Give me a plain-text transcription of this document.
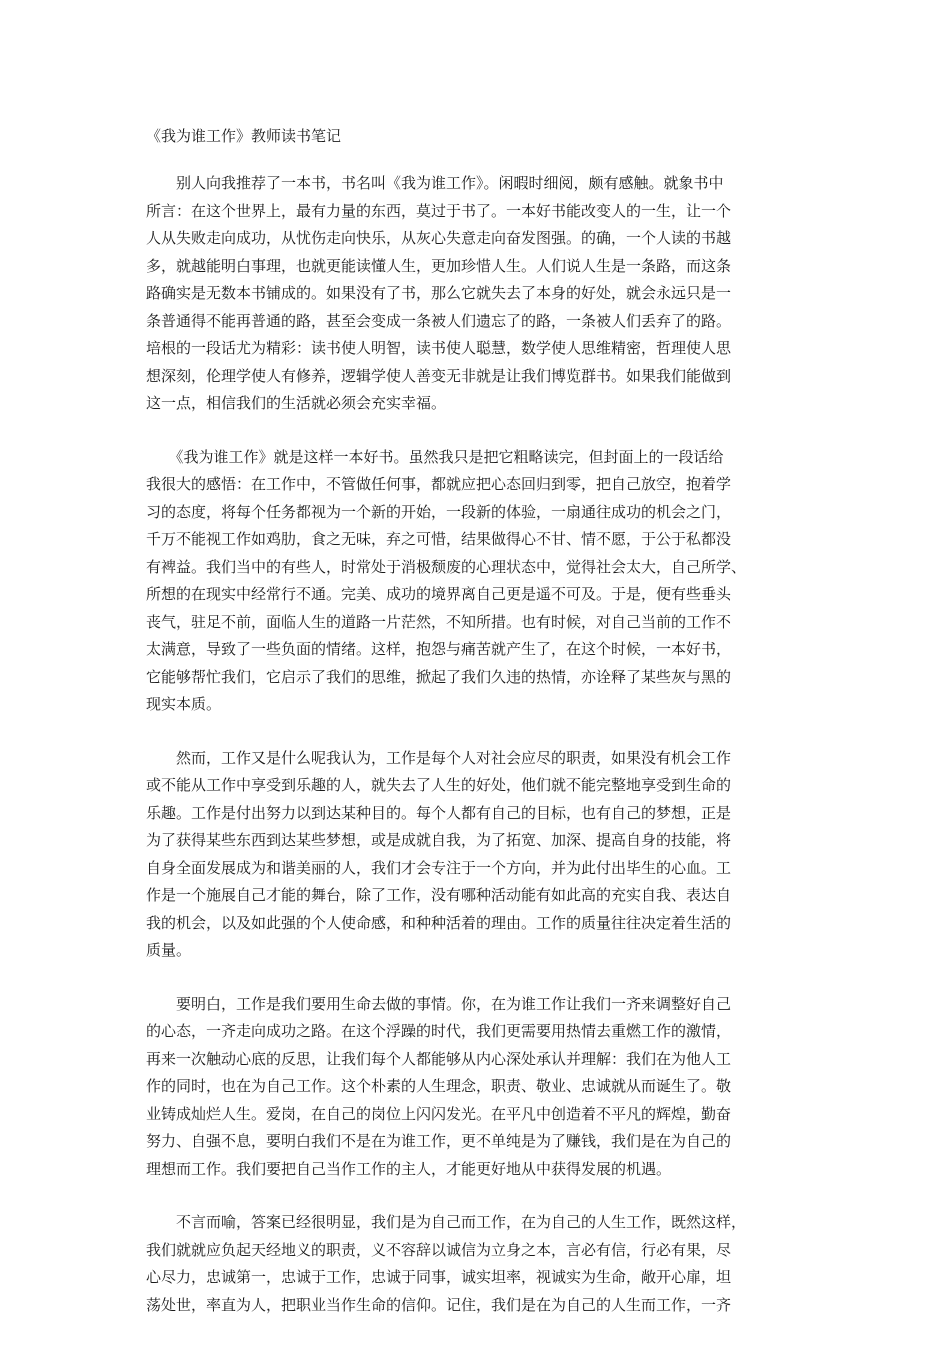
《我为谁工作》教师读书笔记

　　别人向我推荐了一本书，书名叫《我为谁工作》。闲暇时细阅，颇有感触。就象书中
所言：在这个世界上，最有力量的东西，莫过于书了。一本好书能改变人的一生，让一个
人从失败走向成功，从忧伤走向快乐，从灰心失意走向奋发图强。的确，一个人读的书越
多，就越能明白事理，也就更能读懂人生，更加珍惜人生。人们说人生是一条路，而这条
路确实是无数本书铺成的。如果没有了书，那么它就失去了本身的好处，就会永远只是一
条普通得不能再普通的路，甚至会变成一条被人们遗忘了的路，一条被人们丢弃了的路。
培根的一段话尤为精彩：读书使人明智，读书使人聪慧，数学使人思维精密，哲理使人思
想深刻，伦理学使人有修养，逻辑学使人善变无非就是让我们博览群书。如果我们能做到
这一点，相信我们的生活就必须会充实幸福。

　　《我为谁工作》就是这样一本好书。虽然我只是把它粗略读完，但封面上的一段话给
我很大的感悟：在工作中，不管做任何事，都就应把心态回归到零，把自己放空，抱着学
习的态度，将每个任务都视为一个新的开始，一段新的体验，一扇通往成功的机会之门，
千万不能视工作如鸡肋，食之无味，弃之可惜，结果做得心不甘、情不愿，于公于私都没
有裨益。我们当中的有些人，时常处于消极颓废的心理状态中，觉得社会太大，自己所学、
所想的在现实中经常行不通。完美、成功的境界离自己更是遥不可及。于是，便有些垂头
丧气，驻足不前，面临人生的道路一片茫然，不知所措。也有时候，对自己当前的工作不
太满意，导致了一些负面的情绪。这样，抱怨与痛苦就产生了，在这个时候，一本好书，
它能够帮忙我们，它启示了我们的思维，掀起了我们久违的热情，亦诠释了某些灰与黑的
现实本质。

　　然而，工作又是什么呢我认为，工作是每个人对社会应尽的职责，如果没有机会工作
或不能从工作中享受到乐趣的人，就失去了人生的好处，他们就不能完整地享受到生命的
乐趣。工作是付出努力以到达某种目的。每个人都有自己的目标，也有自己的梦想，正是
为了获得某些东西到达某些梦想，或是成就自我，为了拓宽、加深、提高自身的技能，将
自身全面发展成为和谐美丽的人，我们才会专注于一个方向，并为此付出毕生的心血。工
作是一个施展自己才能的舞台，除了工作，没有哪种活动能有如此高的充实自我、表达自
我的机会，以及如此强的个人使命感，和种种活着的理由。工作的质量往往决定着生活的
质量。

　　要明白，工作是我们要用生命去做的事情。你，在为谁工作让我们一齐来调整好自己
的心态，一齐走向成功之路。在这个浮躁的时代，我们更需要用热情去重燃工作的激情，
再来一次触动心底的反思，让我们每个人都能够从内心深处承认并理解：我们在为他人工
作的同时，也在为自己工作。这个朴素的人生理念，职责、敬业、忠诚就从而诞生了。敬
业铸成灿烂人生。爱岗，在自己的岗位上闪闪发光。在平凡中创造着不平凡的辉煌，勤奋
努力、自强不息，要明白我们不是在为谁工作，更不单纯是为了赚钱，我们是在为自己的
理想而工作。我们要把自己当作工作的主人，才能更好地从中获得发展的机遇。

　　不言而喻，答案已经很明显，我们是为自己而工作，在为自己的人生工作，既然这样，
我们就就应负起天经地义的职责，义不容辞以诚信为立身之本，言必有信，行必有果，尽
心尽力，忠诚第一，忠诚于工作，忠诚于同事，诚实坦率，视诚实为生命，敞开心扉，坦
荡处世，率直为人，把职业当作生命的信仰。记住，我们是在为自己的人生而工作，一齐
